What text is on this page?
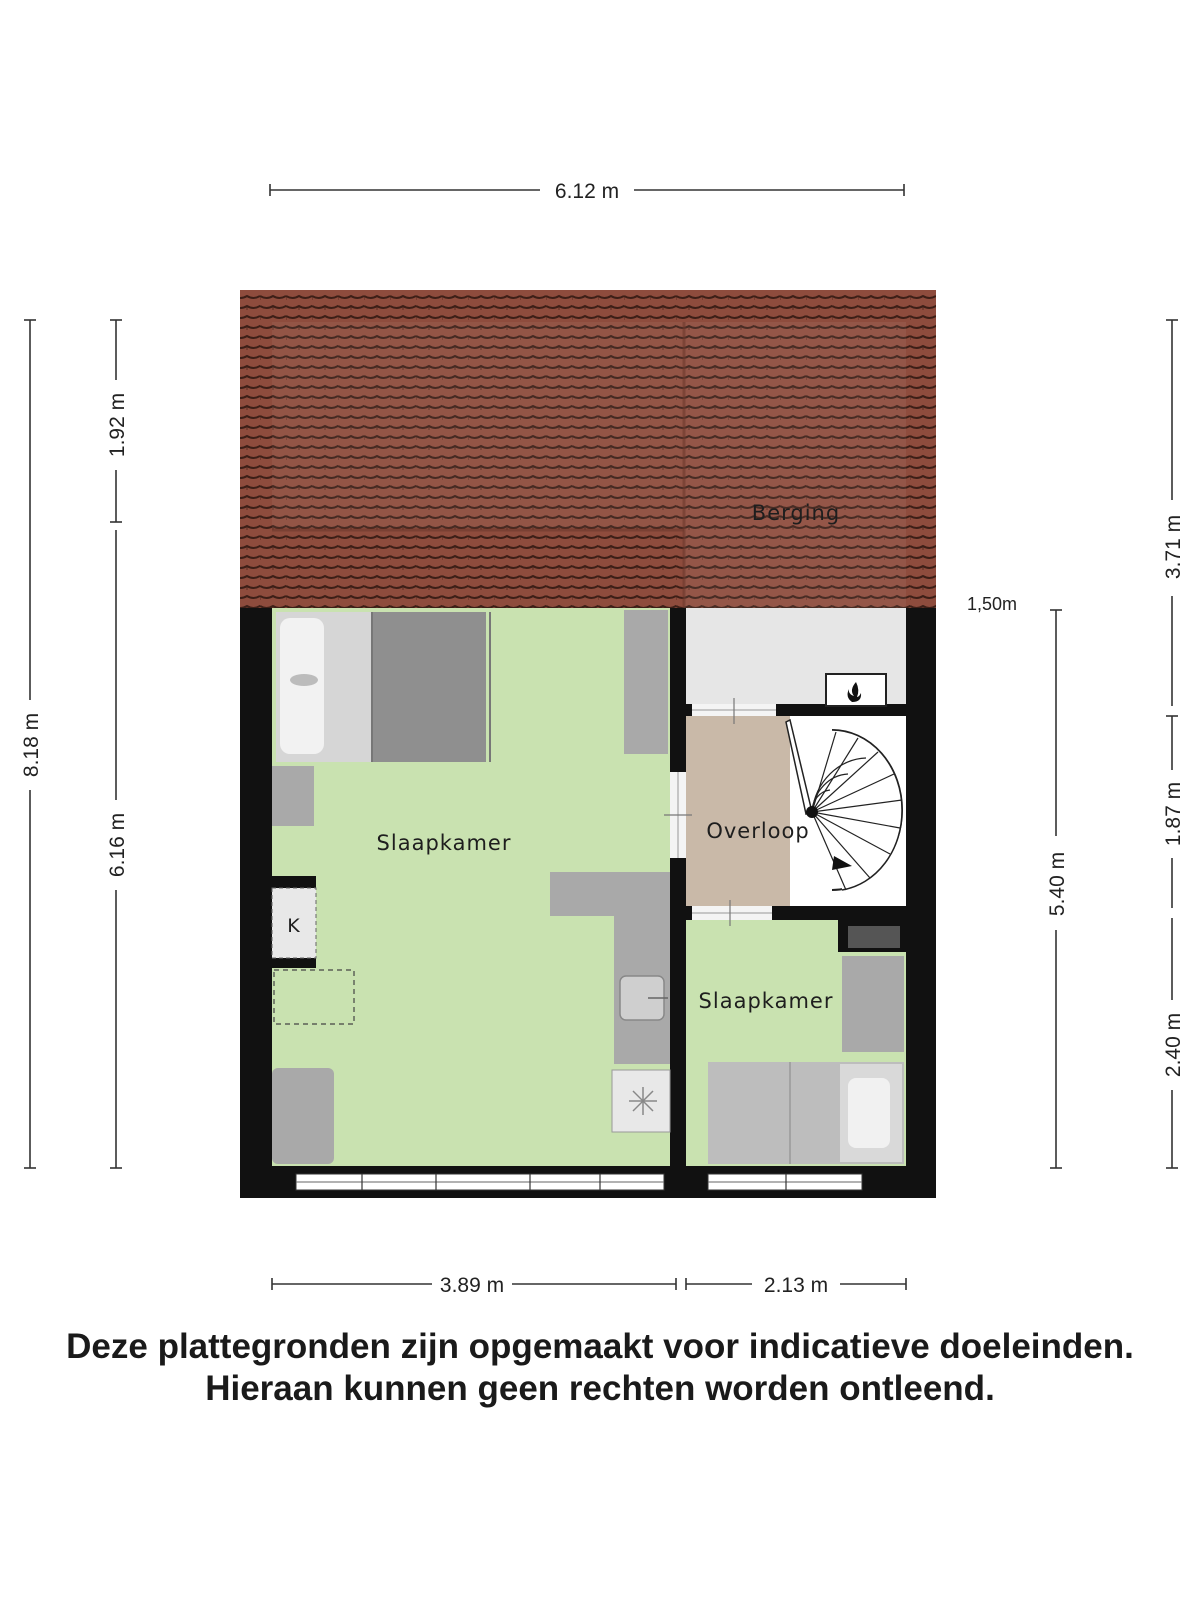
6.12 m
Berging
Overloop
K
Slaapkamer
Slaapkamer
8.18 m
1.92 m
6.16 m
3.71 m
1.87 m
2.40 m
5.40 m
1,50m
3.89 m	2.13 m
Deze plattegronden zijn opgemaakt voor indicatieve doeleinden.
Hieraan kunnen geen rechten worden ontleend.
